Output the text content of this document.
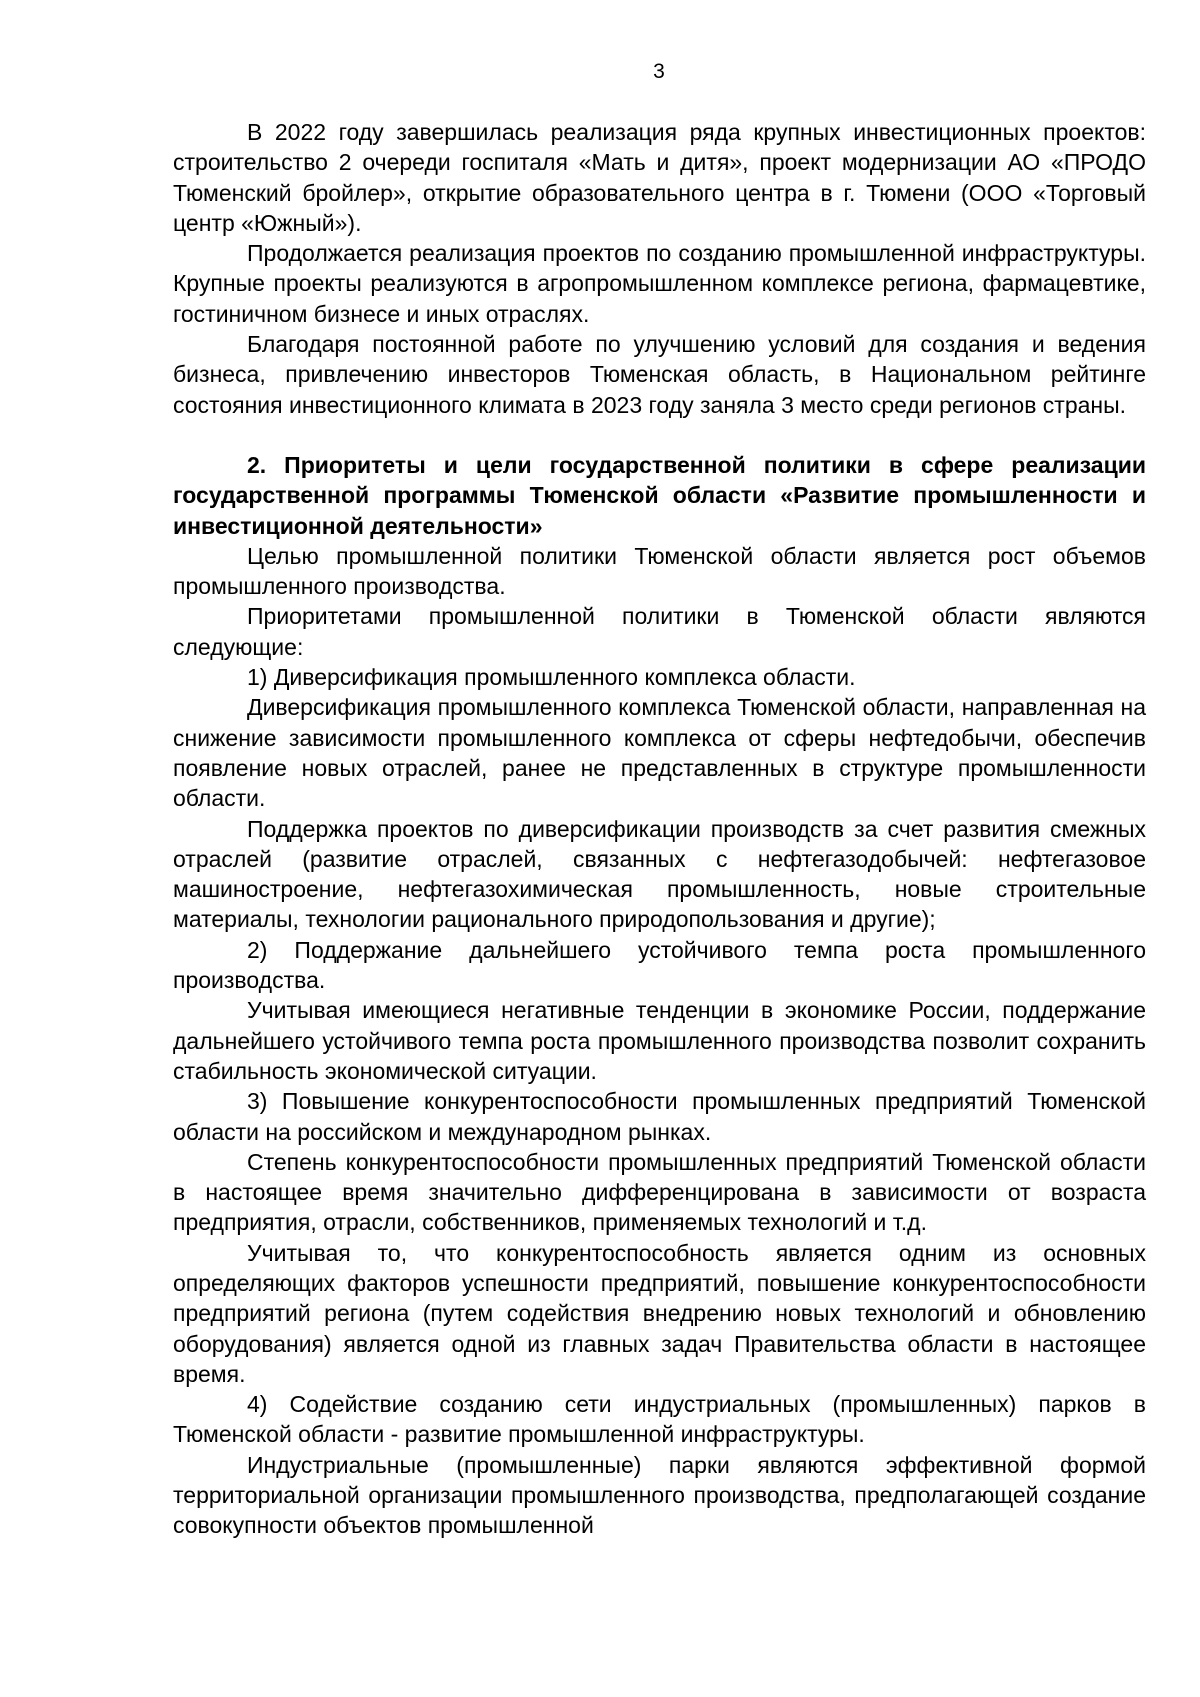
3

В 2022 году завершилась реализация ряда крупных инвестиционных проектов: строительство 2 очереди госпиталя «Мать и дитя», проект модернизации АО «ПРОДО Тюменский бройлер», открытие образовательного центра в г. Тюмени (ООО «Торговый центр «Южный»).

Продолжается реализация проектов по созданию промышленной инфраструктуры. Крупные проекты реализуются в агропромышленном комплексе региона, фармацевтике, гостиничном бизнесе и иных отраслях.

Благодаря постоянной работе по улучшению условий для создания и ведения бизнеса, привлечению инвесторов Тюменская область, в Национальном рейтинге состояния инвестиционного климата в 2023 году заняла 3 место среди регионов страны.

2. Приоритеты и цели государственной политики в сфере реализации государственной программы Тюменской области «Развитие промышленности и инвестиционной деятельности»

Целью промышленной политики Тюменской области является рост объемов промышленного производства.

Приоритетами промышленной политики в Тюменской области являются следующие:

1) Диверсификация промышленного комплекса области.

Диверсификация промышленного комплекса Тюменской области, направленная на снижение зависимости промышленного комплекса от сферы нефтедобычи, обеспечив появление новых отраслей, ранее не представленных в структуре промышленности области.

Поддержка проектов по диверсификации производств за счет развития смежных отраслей (развитие отраслей, связанных с нефтегазодобычей: нефтегазовое машиностроение, нефтегазохимическая промышленность, новые строительные материалы, технологии рационального природопользования и другие);

2) Поддержание дальнейшего устойчивого темпа роста промышленного производства.

Учитывая имеющиеся негативные тенденции в экономике России, поддержание дальнейшего устойчивого темпа роста промышленного производства позволит сохранить стабильность экономической ситуации.

3) Повышение конкурентоспособности промышленных предприятий Тюменской области на российском и международном рынках.

Степень конкурентоспособности промышленных предприятий Тюменской области в настоящее время значительно дифференцирована в зависимости от возраста предприятия, отрасли, собственников, применяемых технологий и т.д.

Учитывая то, что конкурентоспособность является одним из основных определяющих факторов успешности предприятий, повышение конкурентоспособности предприятий региона (путем содействия внедрению новых технологий и обновлению оборудования) является одной из главных задач Правительства области в настоящее время.

4) Содействие созданию сети индустриальных (промышленных) парков в Тюменской области - развитие промышленной инфраструктуры.

Индустриальные (промышленные) парки являются эффективной формой территориальной организации промышленного производства, предполагающей создание совокупности объектов промышленной
